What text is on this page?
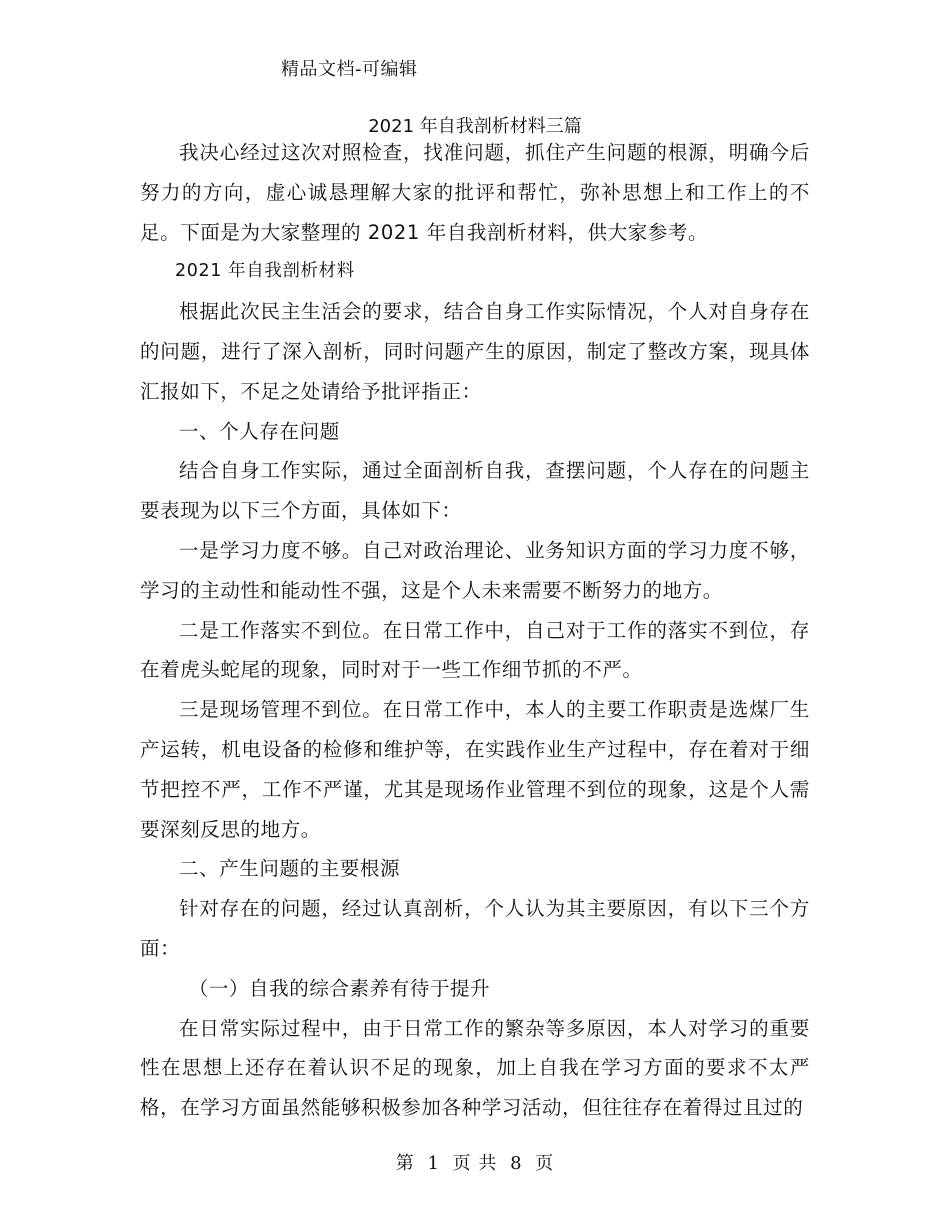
精品文档-可编辑
2021 年自我剖析材料三篇

我决心经过这次对照检查，找准问题，抓住产生问题的根源，明确今后努力的方向，虚心诚恳理解大家的批评和帮忙，弥补思想上和工作上的不足。下面是为大家整理的 2021 年自我剖析材料，供大家参考。

2021 年自我剖析材料

根据此次民主生活会的要求，结合自身工作实际情况，个人对自身存在的问题，进行了深入剖析，同时问题产生的原因，制定了整改方案，现具体汇报如下，不足之处请给予批评指正：

一、个人存在问题

结合自身工作实际，通过全面剖析自我，查摆问题，个人存在的问题主要表现为以下三个方面，具体如下：

一是学习力度不够。自己对政治理论、业务知识方面的学习力度不够，学习的主动性和能动性不强，这是个人未来需要不断努力的地方。

二是工作落实不到位。在日常工作中，自己对于工作的落实不到位，存在着虎头蛇尾的现象，同时对于一些工作细节抓的不严。

三是现场管理不到位。在日常工作中，本人的主要工作职责是选煤厂生产运转，机电设备的检修和维护等，在实践作业生产过程中，存在着对于细节把控不严，工作不严谨，尤其是现场作业管理不到位的现象，这是个人需要深刻反思的地方。

二、产生问题的主要根源

针对存在的问题，经过认真剖析，个人认为其主要原因，有以下三个方面：

（一）自我的综合素养有待于提升

在日常实际过程中，由于日常工作的繁杂等多原因，本人对学习的重要性在思想上还存在着认识不足的现象，加上自我在学习方面的要求不太严格，在学习方面虽然能够积极参加各种学习活动，但往往存在着得过且过的

第 1 页 共 8 页
